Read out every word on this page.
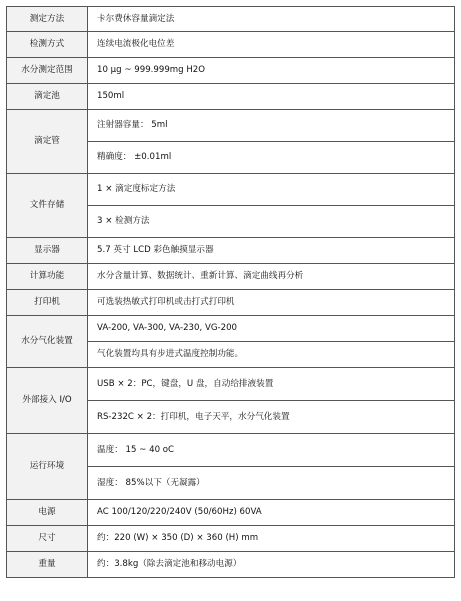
测定方法	卡尔费休容量滴定法
检测方式	连续电流极化电位差
水分测定范围	10 μg ~ 999.999mg H2O
滴定池	150ml
滴定管	注射器容量： 5ml
	精确度： ±0.01ml
文件存储	1 × 滴定度标定方法
	3 × 检测方法
显示器	5.7 英寸 LCD 彩色触摸显示器
计算功能	水分含量计算、数据统计、重新计算、滴定曲线再分析
打印机	可选装热敏式打印机或击打式打印机
水分气化装置	VA-200, VA-300, VA-230, VG-200
	气化装置均具有步进式温度控制功能。
外部接入 I/O	USB × 2：PC，键盘，U 盘，自动给排液装置
	RS-232C × 2：打印机，电子天平，水分气化装置
运行环境	温度： 15 ~ 40 oC
	湿度： 85%以下（无凝露）
电源	AC 100/120/220/240V (50/60Hz) 60VA
尺寸	约：220 (W) × 350 (D) × 360 (H) mm
重量	约：3.8kg（除去滴定池和移动电源）
